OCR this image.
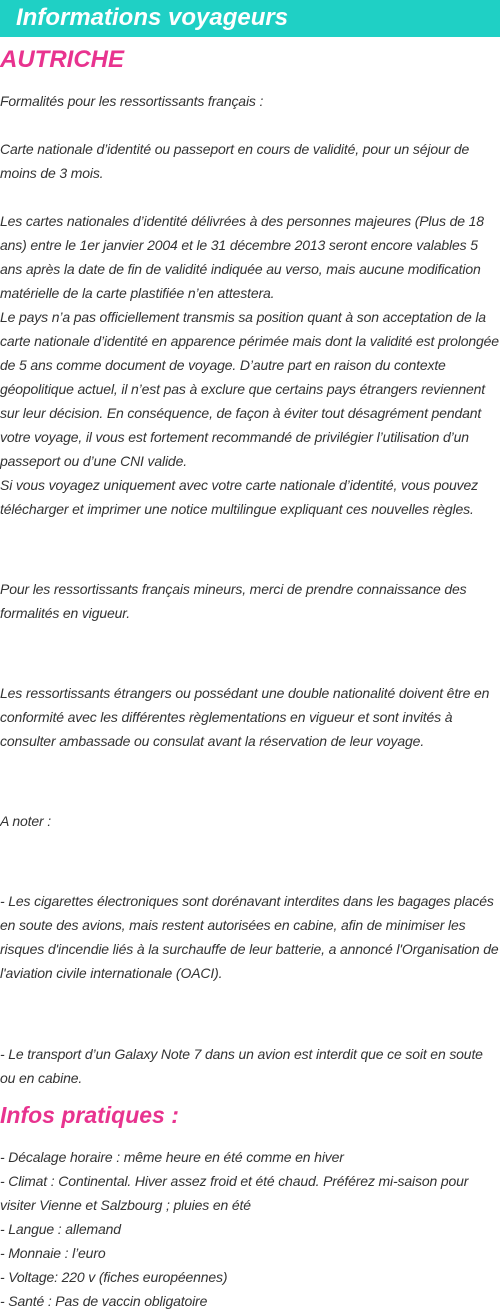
Informations voyageurs
AUTRICHE

Formalités pour les ressortissants français :

Carte nationale d’identité ou passeport en cours de validité, pour un séjour de moins de 3 mois.

Les cartes nationales d’identité délivrées à des personnes majeures (Plus de 18 ans) entre le 1er janvier 2004 et le 31 décembre 2013 seront encore valables 5 ans après la date de fin de validité indiquée au verso, mais aucune modification matérielle de la carte plastifiée n’en attestera.

Le pays n’a pas officiellement transmis sa position quant à son acceptation de la carte nationale d’identité en apparence périmée mais dont la validité est prolongée de 5 ans comme document de voyage. D’autre part en raison du contexte géopolitique actuel, il n’est pas à exclure que certains pays étrangers reviennent sur leur décision. En conséquence, de façon à éviter tout désagrément pendant votre voyage, il vous est fortement recommandé de privilégier l’utilisation d’un passeport ou d’une CNI valide.

Si vous voyagez uniquement avec votre carte nationale d’identité, vous pouvez télécharger et imprimer une notice multilingue expliquant ces nouvelles règles.

Pour les ressortissants français mineurs, merci de prendre connaissance des formalités en vigueur.

Les ressortissants étrangers ou possédant une double nationalité doivent être en conformité avec les différentes règlementations en vigueur et sont invités à consulter ambassade ou consulat avant la réservation de leur voyage.

A noter :

- Les cigarettes électroniques sont dorénavant interdites dans les bagages placés en soute des avions, mais restent autorisées en cabine, afin de minimiser les risques d'incendie liés à la surchauffe de leur batterie, a annoncé l'Organisation de l'aviation civile internationale (OACI).

- Le transport d’un Galaxy Note 7 dans un avion est interdit que ce soit en soute ou en cabine.

Infos pratiques :

- Décalage horaire : même heure en été comme en hiver

- Climat : Continental. Hiver assez froid et été chaud. Préférez mi-saison pour visiter Vienne et Salzbourg ; pluies en été

- Langue : allemand

- Monnaie : l’euro

- Voltage: 220 v (fiches européennes)

- Santé : Pas de vaccin obligatoire
